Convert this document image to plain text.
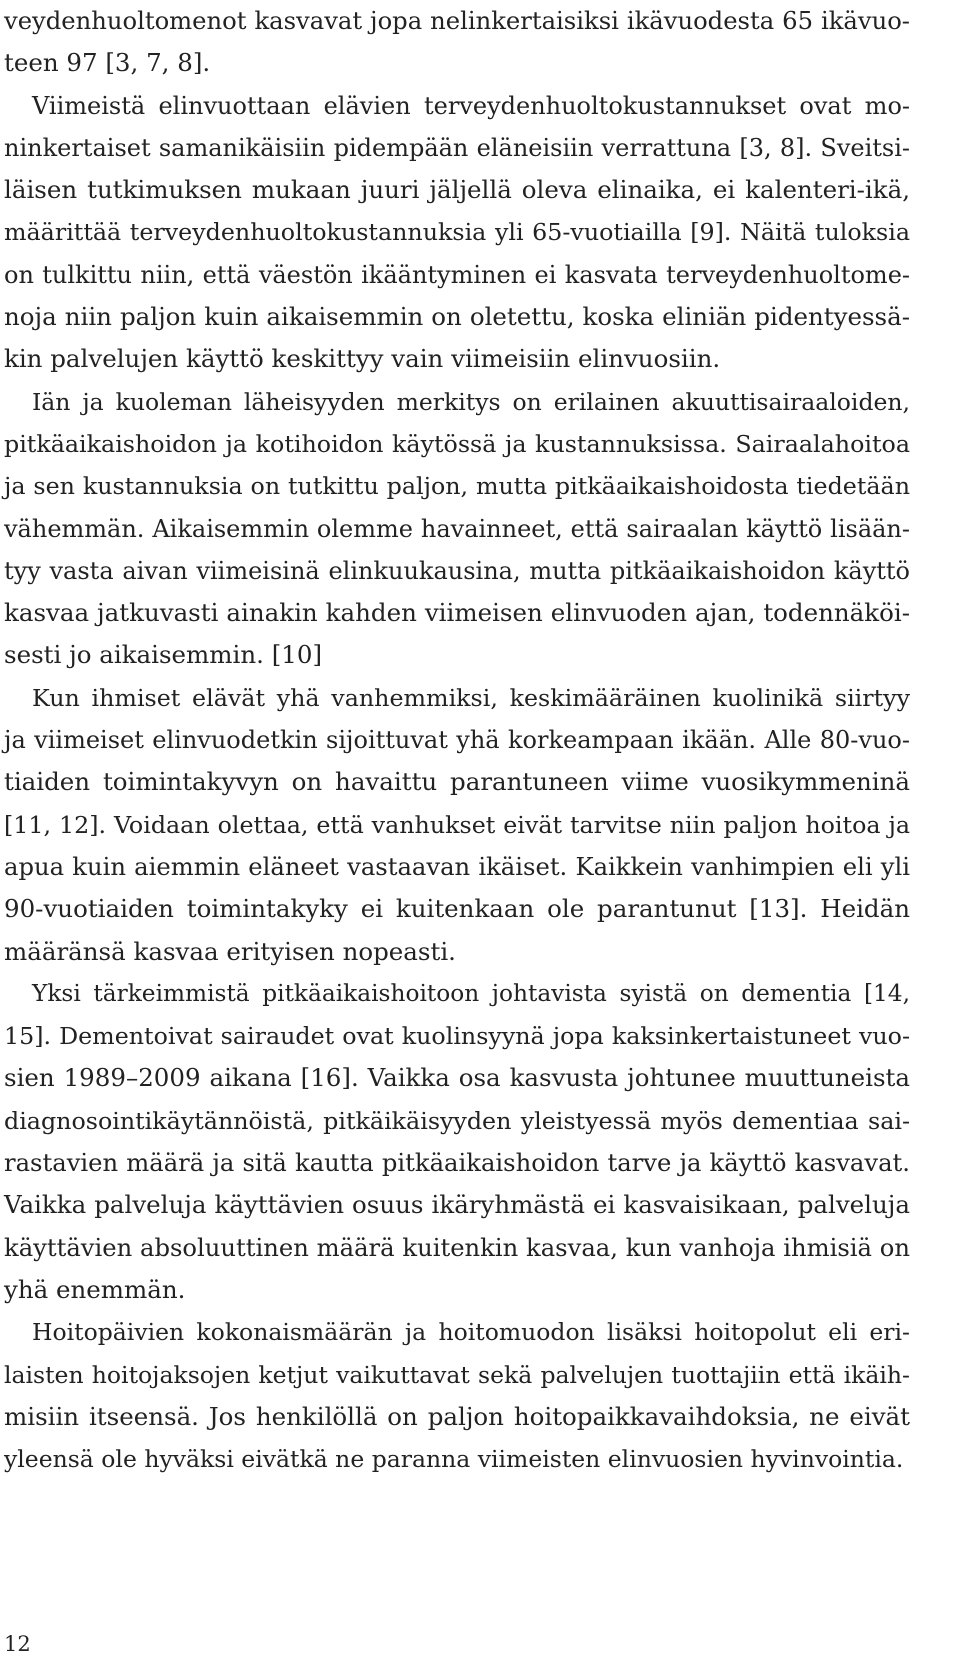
veydenhuoltomenot kasvavat jopa nelinkertaisiksi ikävuodesta 65 ikävuo-
teen 97 [3, 7, 8].
Viimeistä elinvuottaan elävien terveydenhuoltokustannukset ovat mo-
ninkertaiset samanikäisiin pidempään eläneisiin verrattuna [3, 8]. Sveitsi-
läisen tutkimuksen mukaan juuri jäljellä oleva elinaika, ei kalenteri-ikä,
määrittää terveydenhuoltokustannuksia yli 65-vuotiailla [9]. Näitä tuloksia
on tulkittu niin, että väestön ikääntyminen ei kasvata terveydenhuoltome-
noja niin paljon kuin aikaisemmin on oletettu, koska eliniän pidentyessä-
kin palvelujen käyttö keskittyy vain viimeisiin elinvuosiin.
Iän ja kuoleman läheisyyden merkitys on erilainen akuuttisairaaloiden,
pitkäaikaishoidon ja kotihoidon käytössä ja kustannuksissa. Sairaalahoitoa
ja sen kustannuksia on tutkittu paljon, mutta pitkäaikaishoidosta tiedetään
vähemmän. Aikaisemmin olemme havainneet, että sairaalan käyttö lisään-
tyy vasta aivan viimeisinä elinkuukausina, mutta pitkäaikaishoidon käyttö
kasvaa jatkuvasti ainakin kahden viimeisen elinvuoden ajan, todennäköi-
sesti jo aikaisemmin. [10]
Kun ihmiset elävät yhä vanhemmiksi, keskimääräinen kuolinikä siirtyy
ja viimeiset elinvuodetkin sijoittuvat yhä korkeampaan ikään. Alle 80-vuo-
tiaiden toimintakyvyn on havaittu parantuneen viime vuosikymmeninä
[11, 12]. Voidaan olettaa, että vanhukset eivät tarvitse niin paljon hoitoa ja
apua kuin aiemmin eläneet vastaavan ikäiset. Kaikkein vanhimpien eli yli
90-vuotiaiden toimintakyky ei kuitenkaan ole parantunut [13]. Heidän
määränsä kasvaa erityisen nopeasti.
Yksi tärkeimmistä pitkäaikaishoitoon johtavista syistä on dementia [14,
15]. Dementoivat sairaudet ovat kuolinsyynä jopa kaksinkertaistuneet vuo-
sien 1989–2009 aikana [16]. Vaikka osa kasvusta johtunee muuttuneista
diagnosointikäytännöistä, pitkäikäisyyden yleistyessä myös dementiaa sai-
rastavien määrä ja sitä kautta pitkäaikaishoidon tarve ja käyttö kasvavat.
Vaikka palveluja käyttävien osuus ikäryhmästä ei kasvaisikaan, palveluja
käyttävien absoluuttinen määrä kuitenkin kasvaa, kun vanhoja ihmisiä on
yhä enemmän.
Hoitopäivien kokonaismäärän ja hoitomuodon lisäksi hoitopolut eli eri-
laisten hoitojaksojen ketjut vaikuttavat sekä palvelujen tuottajiin että ikäih-
misiin itseensä. Jos henkilöllä on paljon hoitopaikkavaihdoksia, ne eivät
yleensä ole hyväksi eivätkä ne paranna viimeisten elinvuosien hyvinvointia.
12
